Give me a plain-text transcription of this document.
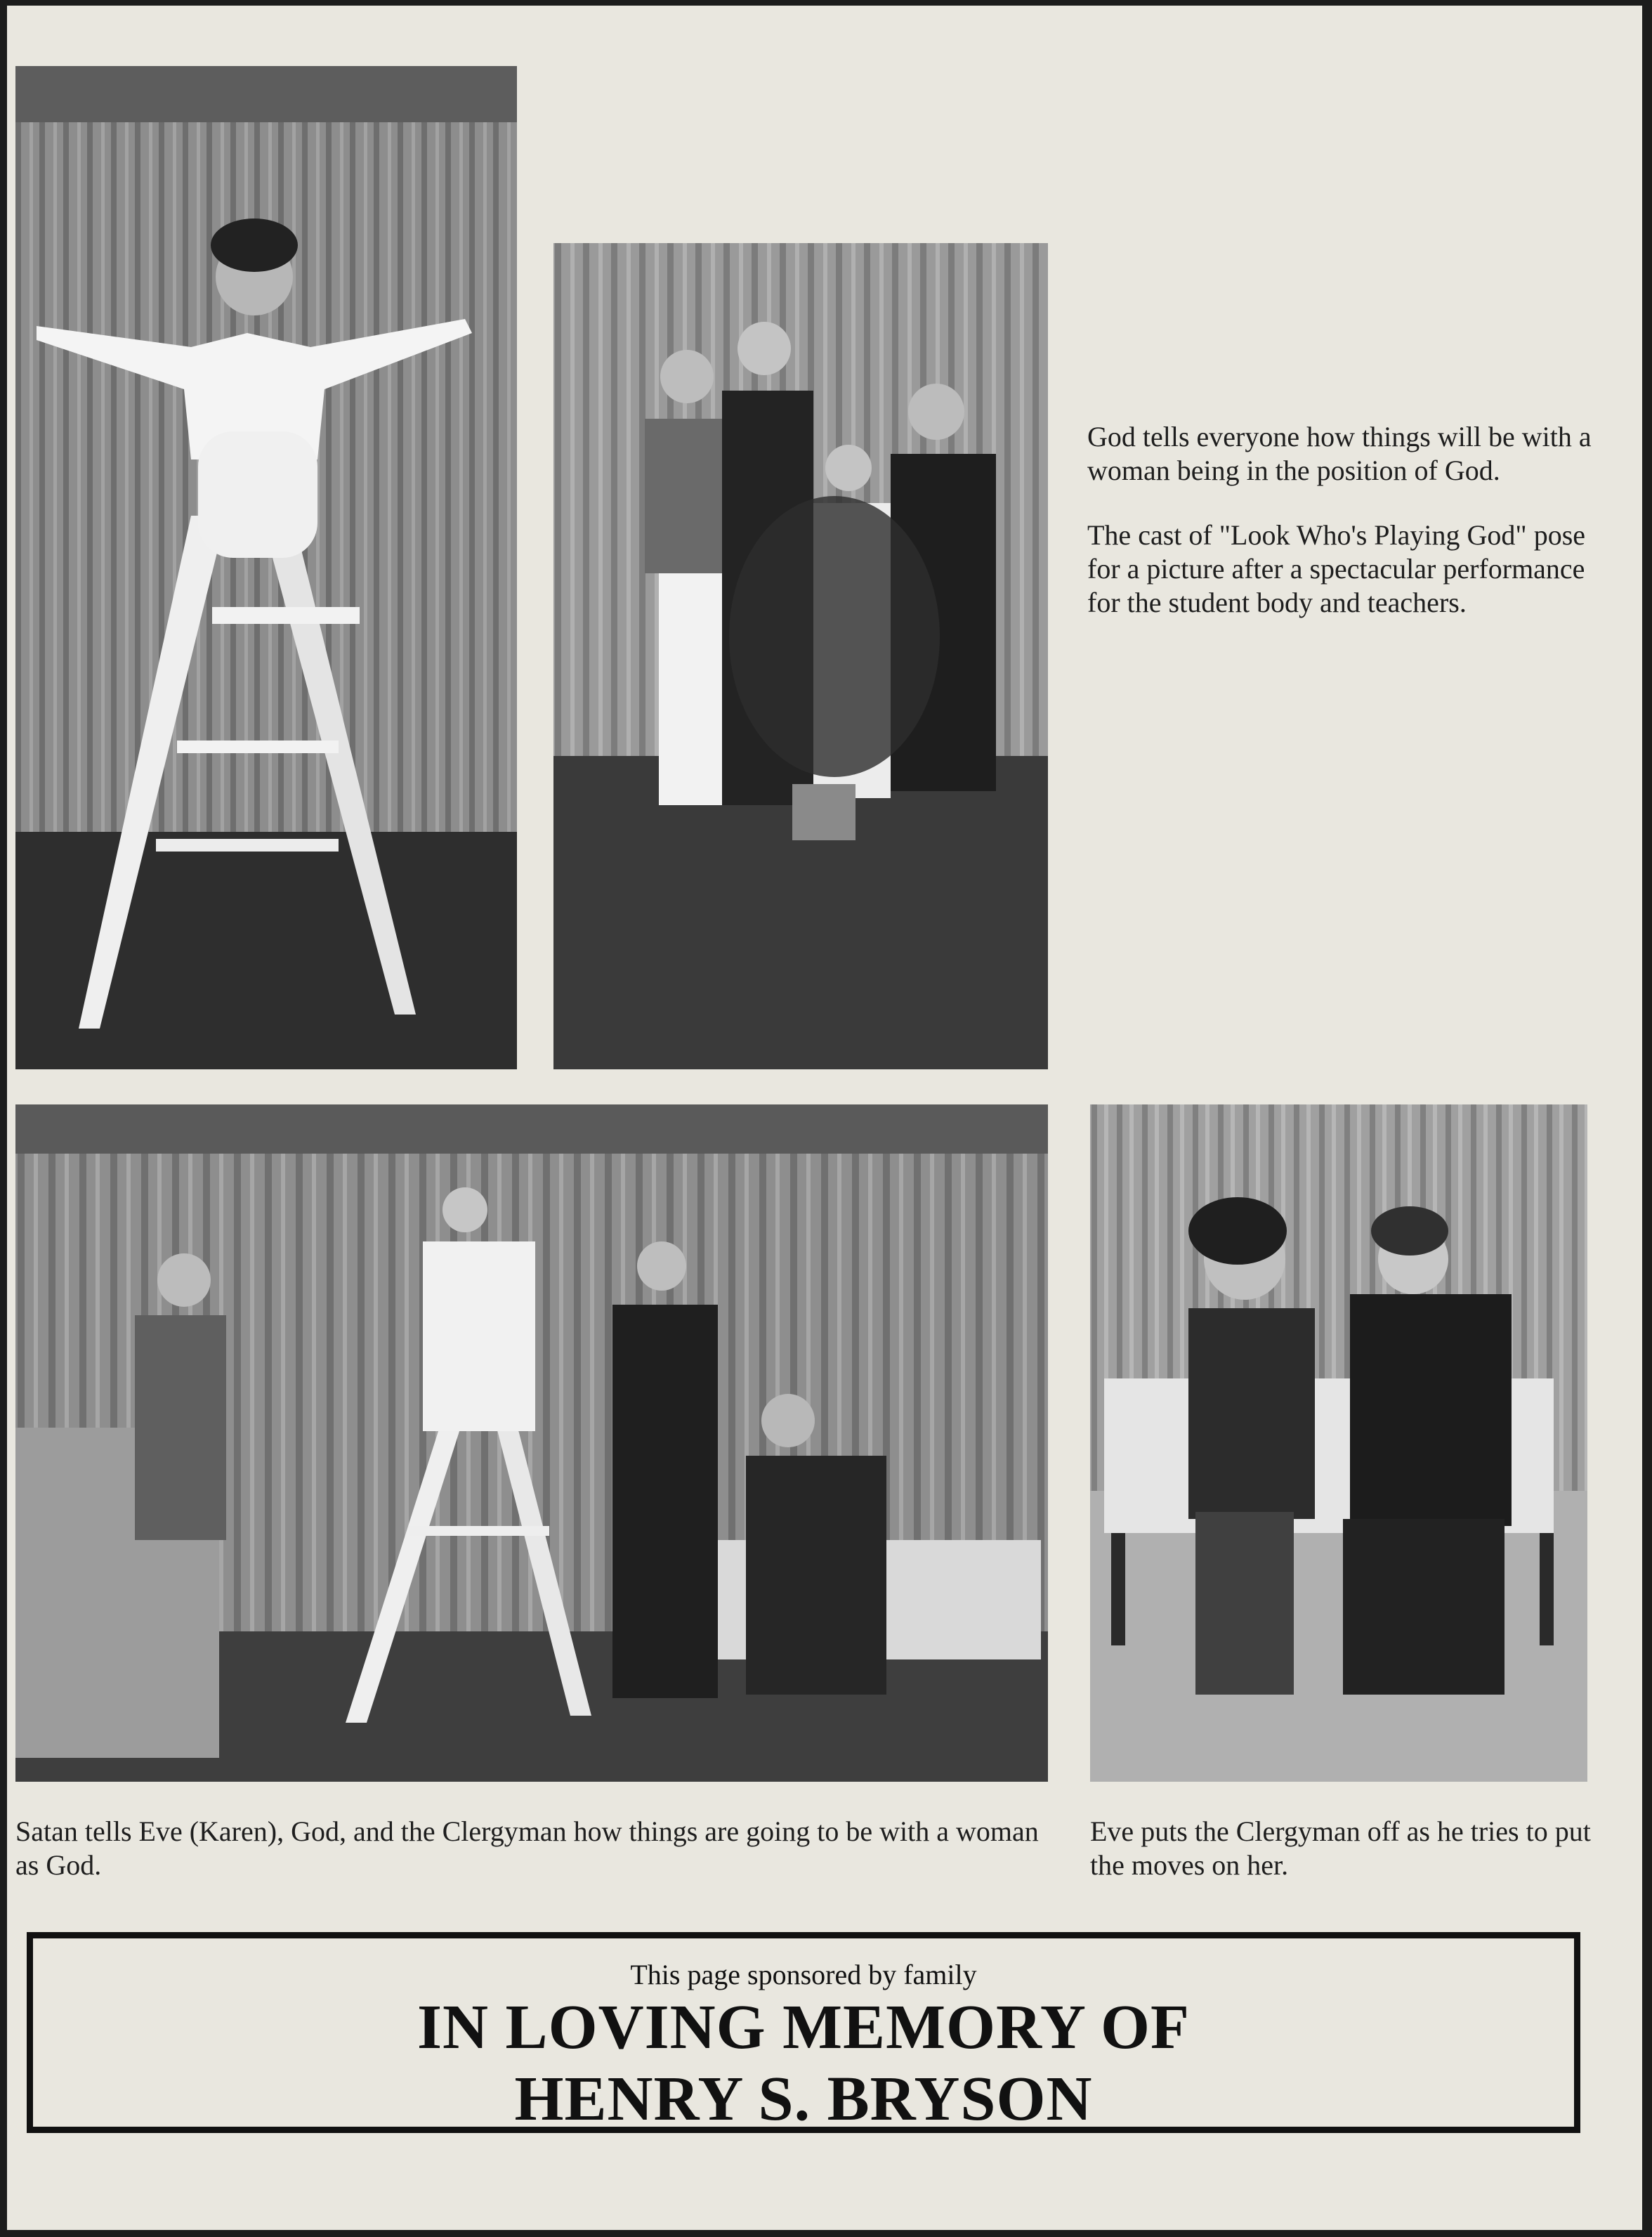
God tells everyone how things will be with a woman being in the position of God.

The cast of "Look Who's Playing God" pose for a picture after a spectacular performance for the student body and teachers.

Satan tells Eve (Karen), God, and the Clergyman how things are going to be with a woman as God.
Eve puts the Clergyman off as he tries to put the moves on her.
This page sponsored by family
IN LOVING MEMORY OF
HENRY S. BRYSON
